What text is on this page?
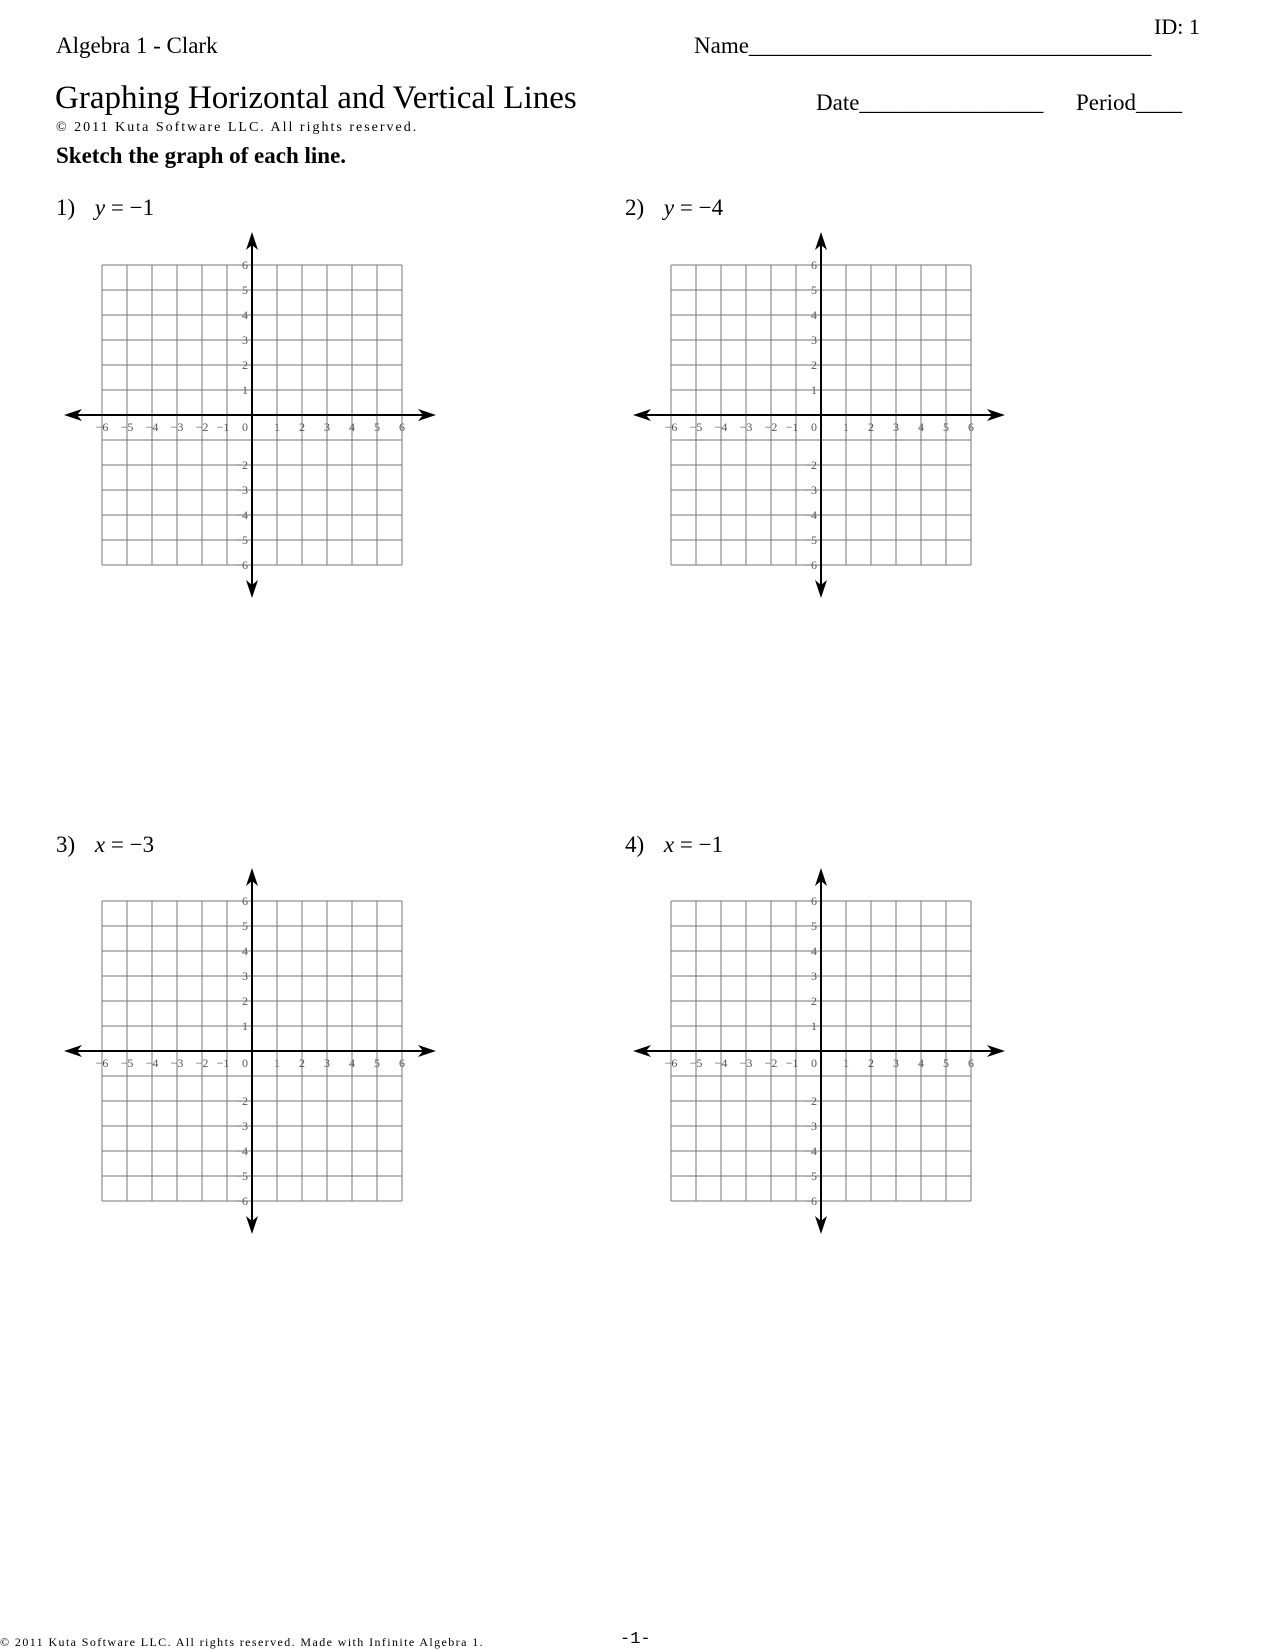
Algebra 1 - Clark
ID: 1
Name___________________________________
Graphing Horizontal and Vertical Lines	Date________________ Period____
© 2011 Kuta Software LLC. All rights reserved.
Sketch the graph of each line.
1) y = −1
−6 −5 −4 −3 −2 −1 0 1 2 3 4 5 6
6
5
4
3
2
1
−2
−3
−4
−5
−6
2) y = −4
−6 −5 −4 −3 −2 −1 0 1 2 3 4 5 6
6
5
4
3
2
1
−2
−3
−4
−5
−6
3) x = −3
−6 −5 −4 −3 −2 −1 0 1 2 3 4 5 6
6
5
4
3
2
1
−2
−3
−4
−5
−6
4) x = −1
−6 −5 −4 −3 −2 −1 0 1 2 3 4 5 6
6
5
4
3
2
1
−2
−3
−4
−5
−6
© 2011 Kuta Software LLC. All rights reserved. Made with Infinite Algebra 1.	-1-
